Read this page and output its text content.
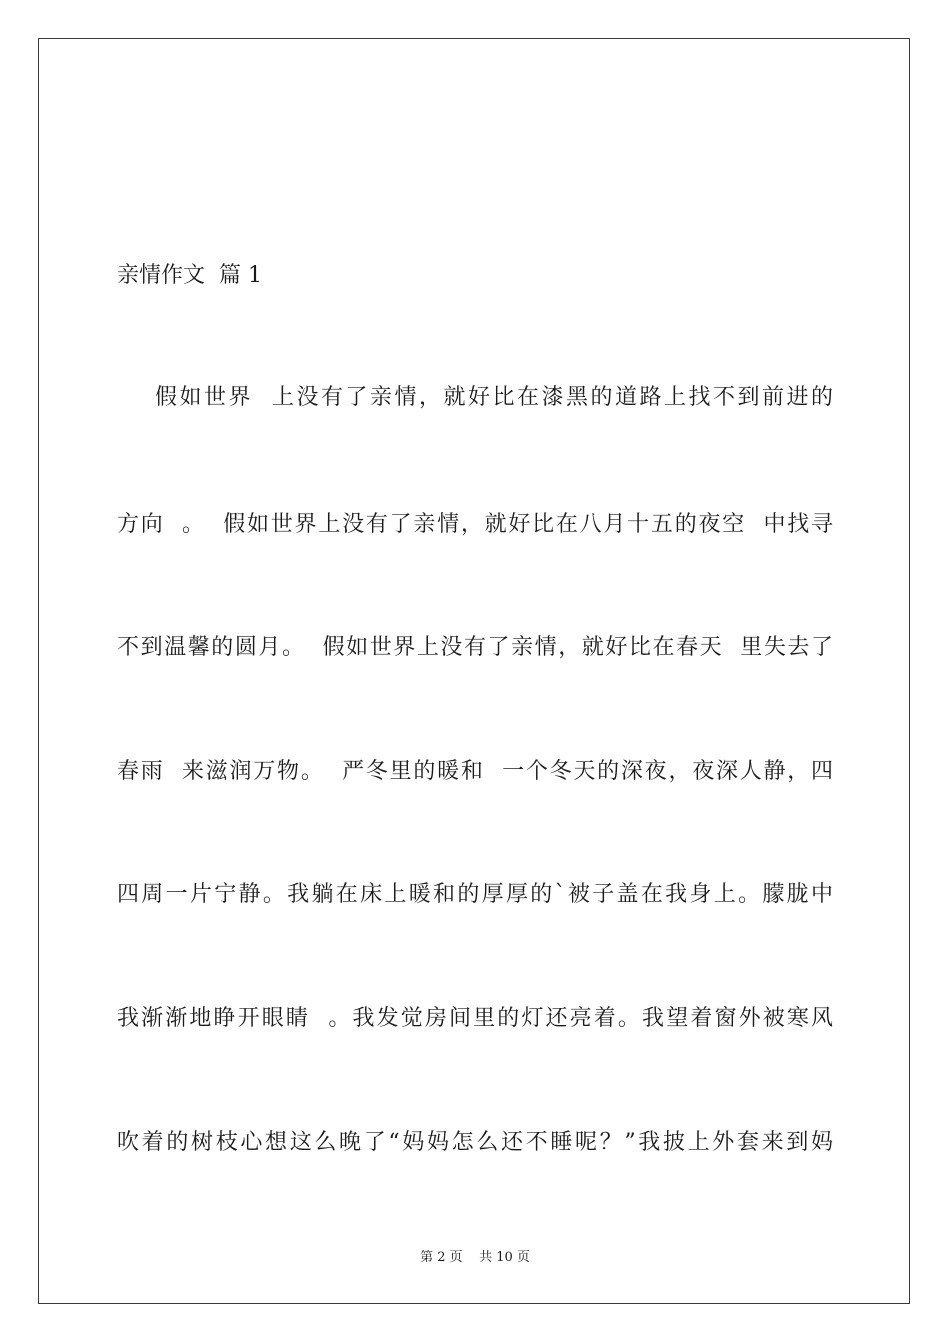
亲情作文  篇 1
假如世界  上没有了亲情，就好比在漆黑的道路上找不到前进的
方向  。  假如世界上没有了亲情，就好比在八月十五的夜空  中找寻
不到温馨的圆月。  假如世界上没有了亲情，就好比在春天  里失去了
春雨  来滋润万物。  严冬里的暖和  一个冬天的深夜，夜深人静，四
四周一片宁静。我躺在床上暖和的厚厚的`被子盖在我身上。朦胧中
我渐渐地睁开眼睛  。我发觉房间里的灯还亮着。我望着窗外被寒风
吹着的树枝心想这么晚了“妈妈怎么还不睡呢？”我披上外套来到妈
第 2 页    共 10 页
